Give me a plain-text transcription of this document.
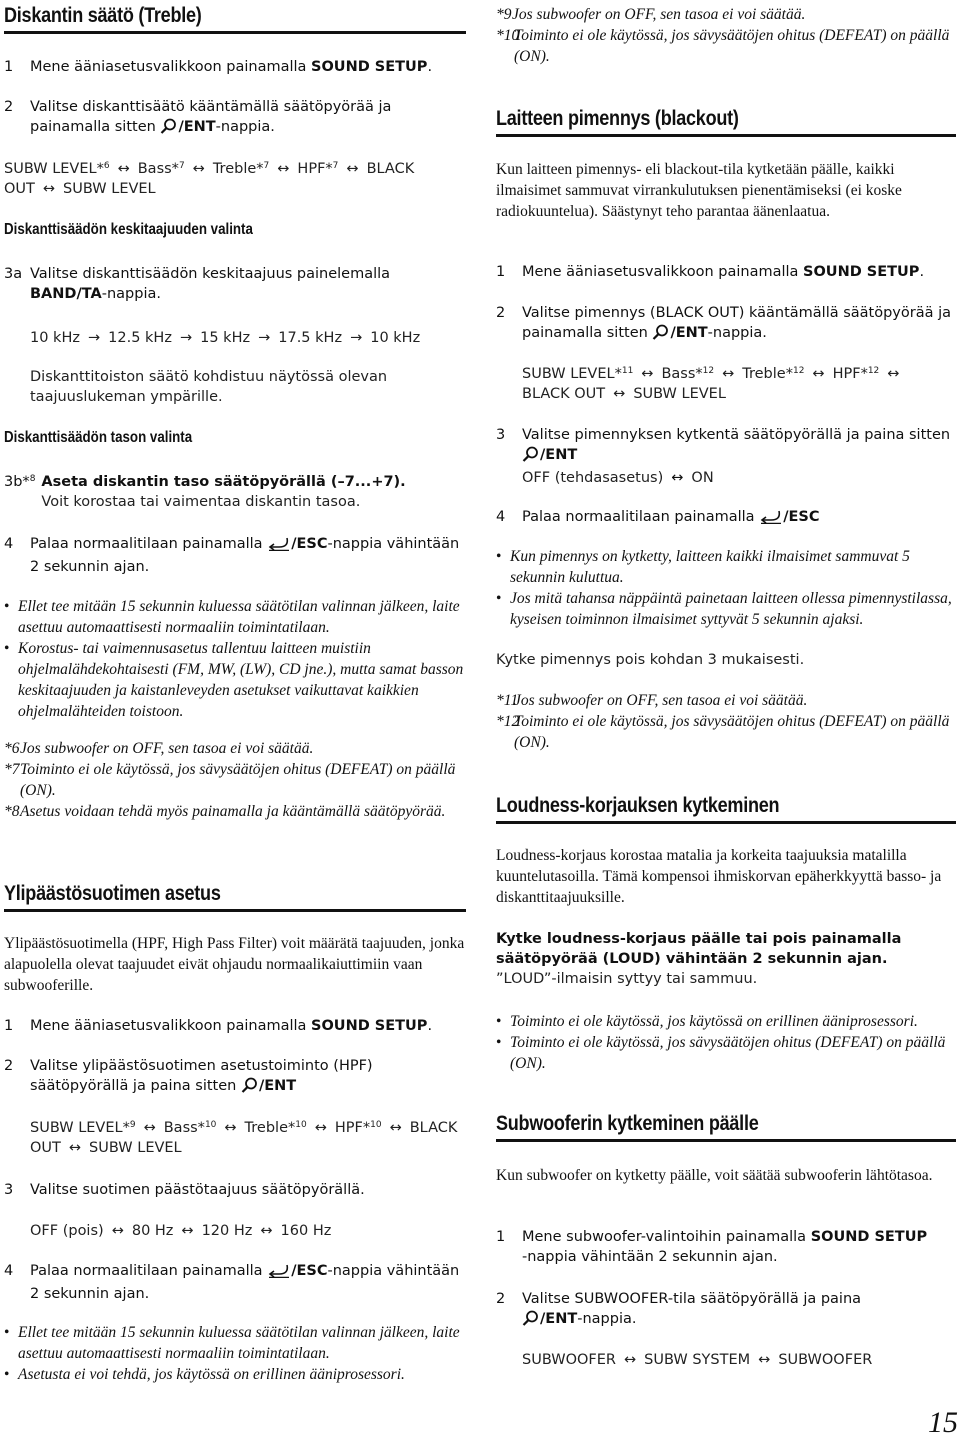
Diskantin säätö (Treble)
1	Mene ääniasetusvalikkoon painamalla SOUND SETUP.
2	Valitse diskanttisäätö kääntämällä säätöpyörää ja painamalla sitten /ENT-nappia.
SUBW LEVEL*$^6$ ↔ Bass*$^7$ ↔ Treble*$^7$ ↔ HPF*$^7$ ↔ BLACK OUT ↔ SUBW LEVEL
Diskanttisäädön keskitaajuuden valinta
3a Valitse diskanttisäädön keskitaajuus painelemalla
BAND/TA-nappia.
10 kHz → 12.5 kHz → 15 kHz → 17.5 kHz → 10 kHz
Diskanttitoiston säätö kohdistuu näytössä olevan taajuuslukeman ympärille.
Diskanttisäädön tason valinta
3b*$^8$ Aseta diskantin taso säätöpyörällä (–7...+7).
Voit korostaa tai vaimentaa diskantin tasoa.
4	Palaa normaalitilaan painamalla /ESC-nappia vähintään 2 sekunnin ajan.
• Ellet tee mitään 15 sekunnin kuluessa säätötilan valinnan jälkeen, laite asettuu automaattisesti normaaliin toimintatilaan.
• Korostus- tai vaimennusasetus tallentuu laitteen muistiin ohjelmalähdekohtaisesti (FM, MW, (LW), CD jne.), mutta samat basson keskitaajuuden ja kaistanleveyden asetukset vaikuttavat kaikkien ohjelmalähteiden toistoon.
*6 Jos subwoofer on OFF, sen tasoa ei voi säätää.
*7 Toiminto ei ole käytössä, jos sävysäätöjen ohitus (DEFEAT) on päällä (ON).
*8 Asetus voidaan tehdä myös painamalla ja kääntämällä säätöpyörää.
Ylipäästösuotimen asetus
Ylipäästösuotimella (HPF, High Pass Filter) voit määrätä taajuuden, jonka alapuolella olevat taajuudet eivät ohjaudu normaalikaiuttimiin vaan subwooferille.
1	Mene ääniasetusvalikkoon painamalla SOUND SETUP.
2	Valitse ylipäästösuotimen asetustoiminto (HPF) säätöpyörällä ja paina sitten /ENT
SUBW LEVEL*$^9$ ↔ Bass*$^{10}$ ↔ Treble*$^{10}$ ↔ HPF*$^{10}$ ↔ BLACK OUT ↔ SUBW LEVEL
3	Valitse suotimen päästötaajuus säätöpyörällä.
OFF (pois) ↔ 80 Hz ↔ 120 Hz ↔ 160 Hz
4	Palaa normaalitilaan painamalla /ESC-nappia vähintään 2 sekunnin ajan.
• Ellet tee mitään 15 sekunnin kuluessa säätötilan valinnan jälkeen, laite asettuu automaattisesti normaaliin toimintatilaan.
• Asetusta ei voi tehdä, jos käytössä on erillinen ääniprosessori.
*9 Jos subwoofer on OFF, sen tasoa ei voi säätää.
*10
Toiminto ei ole käytössä, jos sävysäätöjen ohitus (DEFEAT) on päällä (ON).
Laitteen pimennys (blackout)
Kun laitteen pimennys- eli blackout-tila kytketään päälle, kaikki ilmaisimet sammuvat virrankulutuksen pienentämiseksi (ei koske radiokuuntelua). Säästynyt teho parantaa äänenlaatua.
1	Mene ääniasetusvalikkoon painamalla SOUND SETUP.
2	Valitse pimennys (BLACK OUT) kääntämällä säätöpyörää ja painamalla sitten /ENT-nappia.
SUBW LEVEL*$^{11}$ ↔ Bass*$^{12}$ ↔ Treble*$^{12}$ ↔ HPF*$^{12}$ ↔
BLACK OUT ↔ SUBW LEVEL
3	Valitse pimennyksen kytkentä säätöpyörällä ja paina sitten /ENT
OFF (tehdasasetus) ↔ ON
4	Palaa normaalitilaan painamalla /ESC
• Kun pimennys on kytketty, laitteen kaikki ilmaisimet sammuvat 5 sekunnin kuluttua.
• Jos mitä tahansa näppäintä painetaan laitteen ollessa pimennystilassa, kyseisen toiminnon ilmaisimet syttyvät 5 sekunnin ajaksi.
Kytke pimennys pois kohdan 3 mukaisesti.
*11
Jos subwoofer on OFF, sen tasoa ei voi säätää.
*12
Toiminto ei ole käytössä, jos sävysäätöjen ohitus (DEFEAT) on päällä (ON).
Loudness-korjauksen kytkeminen
Loudness-korjaus korostaa matalia ja korkeita taajuuksia matalilla kuuntelutasoilla. Tämä kompensoi ihmiskorvan epäherkkyyttä basso- ja diskanttitaajuuksille.
Kytke loudness-korjaus päälle tai pois painamalla säätöpyörää (LOUD) vähintään 2 sekunnin ajan.
”LOUD”-ilmaisin syttyy tai sammuu.
• Toiminto ei ole käytössä, jos käytössä on erillinen ääniprosessori.
• Toiminto ei ole käytössä, jos sävysäätöjen ohitus (DEFEAT) on päällä (ON).
Subwooferin kytkeminen päälle
Kun subwoofer on kytketty päälle, voit säätää subwooferin lähtötasoa.
1	Mene subwoofer-valintoihin painamalla SOUND SETUP
-nappia vähintään 2 sekunnin ajan.
2	Valitse SUBWOOFER-tila säätöpyörällä ja paina
/ENT-nappia.
SUBWOOFER ↔ SUBW SYSTEM ↔ SUBWOOFER
15
